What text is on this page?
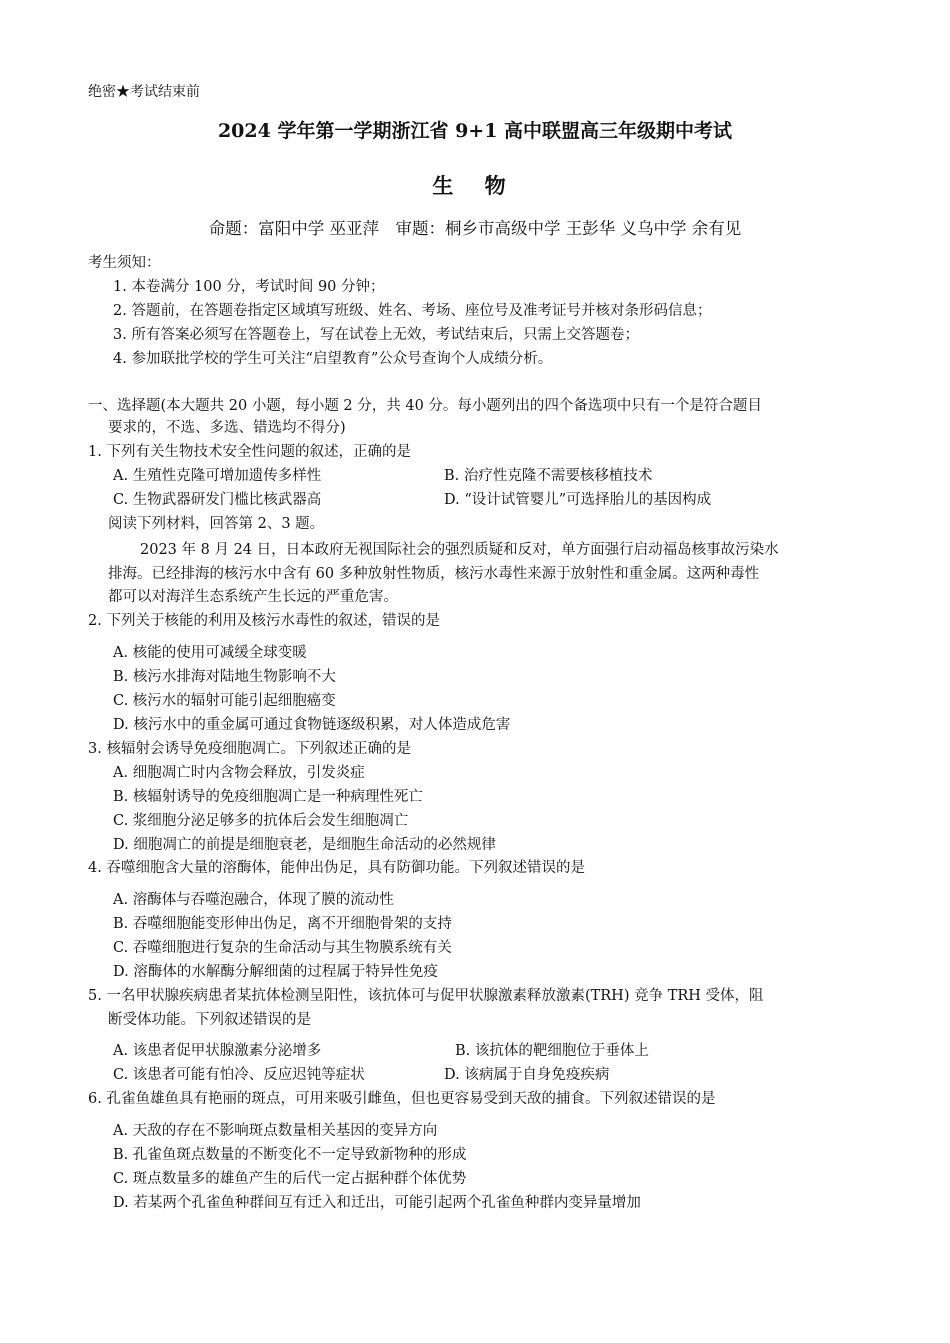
绝密★考试结束前
2024 学年第一学期浙江省 9+1 高中联盟高三年级期中考试
生 物
命题：富阳中学 巫亚萍　审题：桐乡市高级中学 王彭华 义乌中学 余有见
考生须知：
1. 本卷满分 100 分，考试时间 90 分钟；
2. 答题前，在答题卷指定区域填写班级、姓名、考场、座位号及准考证号并核对条形码信息；
3. 所有答案必须写在答题卷上，写在试卷上无效，考试结束后，只需上交答题卷；
4. 参加联批学校的学生可关注“启望教育”公众号查询个人成绩分析。
一、选择题(本大题共 20 小题，每小题 2 分，共 40 分。每小题列出的四个备选项中只有一个是符合题目
要求的，不选、多选、错选均不得分)
1. 下列有关生物技术安全性问题的叙述，正确的是
A. 生殖性克隆可增加遗传多样性	B. 治疗性克隆不需要核移植技术
C. 生物武器研发门槛比核武器高	D. “设计试管婴儿”可选择胎儿的基因构成
阅读下列材料，回答第 2、3 题。
2023 年 8 月 24 日，日本政府无视国际社会的强烈质疑和反对，单方面强行启动福岛核事故污染水
排海。已经排海的核污水中含有 60 多种放射性物质，核污水毒性来源于放射性和重金属。这两种毒性
都可以对海洋生态系统产生长远的严重危害。
2. 下列关于核能的利用及核污水毒性的叙述，错误的是
A. 核能的使用可减缓全球变暖
B. 核污水排海对陆地生物影响不大
C. 核污水的辐射可能引起细胞癌变
D. 核污水中的重金属可通过食物链逐级积累，对人体造成危害
3. 核辐射会诱导免疫细胞凋亡。下列叙述正确的是
A. 细胞凋亡时内含物会释放，引发炎症
B. 核辐射诱导的免疫细胞凋亡是一种病理性死亡
C. 浆细胞分泌足够多的抗体后会发生细胞凋亡
D. 细胞凋亡的前提是细胞衰老，是细胞生命活动的必然规律
4. 吞噬细胞含大量的溶酶体，能伸出伪足，具有防御功能。下列叙述错误的是
A. 溶酶体与吞噬泡融合，体现了膜的流动性
B. 吞噬细胞能变形伸出伪足，离不开细胞骨架的支持
C. 吞噬细胞进行复杂的生命活动与其生物膜系统有关
D. 溶酶体的水解酶分解细菌的过程属于特异性免疫
5. 一名甲状腺疾病患者某抗体检测呈阳性，该抗体可与促甲状腺激素释放激素(TRH) 竞争 TRH 受体，阻
断受体功能。下列叙述错误的是
A. 该患者促甲状腺激素分泌增多	B. 该抗体的靶细胞位于垂体上
C. 该患者可能有怕冷、反应迟钝等症状	D. 该病属于自身免疫疾病
6. 孔雀鱼雄鱼具有艳丽的斑点，可用来吸引雌鱼，但也更容易受到天敌的捕食。下列叙述错误的是
A. 天敌的存在不影响斑点数量相关基因的变异方向
B. 孔雀鱼斑点数量的不断变化不一定导致新物种的形成
C. 斑点数量多的雄鱼产生的后代一定占据种群个体优势
D. 若某两个孔雀鱼种群间互有迁入和迁出，可能引起两个孔雀鱼种群内变异量增加
